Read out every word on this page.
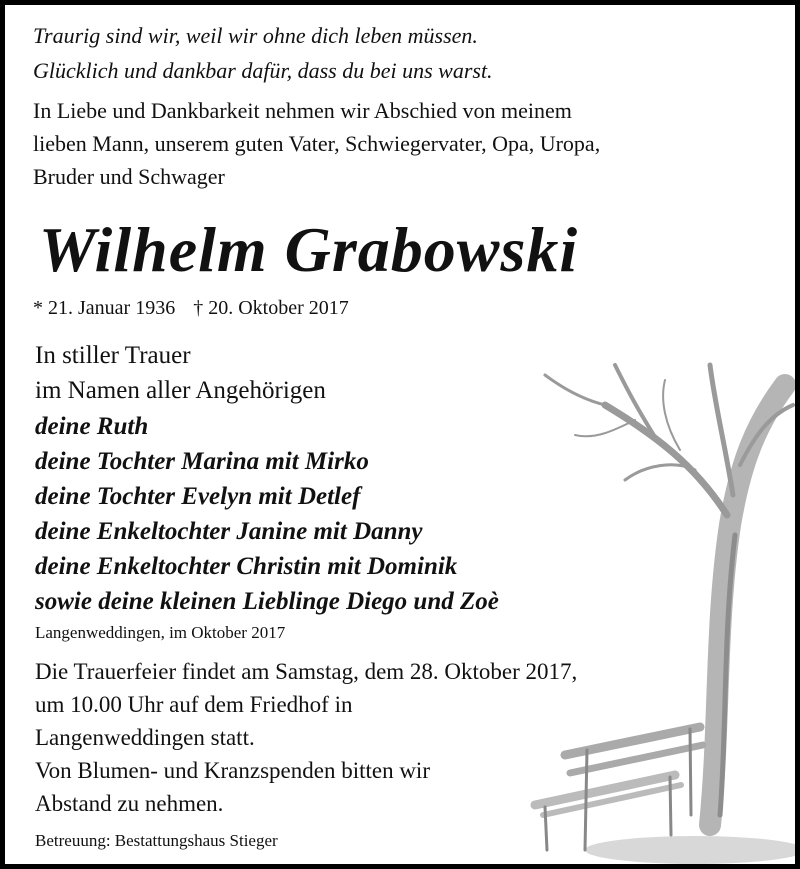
Traurig sind wir, weil wir ohne dich leben müssen.
Glücklich und dankbar dafür, dass du bei uns warst.
In Liebe und Dankbarkeit nehmen wir Abschied von meinem
lieben Mann, unserem guten Vater, Schwiegervater, Opa, Uropa,
Bruder und Schwager
Wilhelm Grabowski
* 21. Januar 1936 † 20. Oktober 2017
In stiller Trauer
im Namen aller Angehörigen
deine Ruth
deine Tochter Marina mit Mirko
deine Tochter Evelyn mit Detlef
deine Enkeltochter Janine mit Danny
deine Enkeltochter Christin mit Dominik
sowie deine kleinen Lieblinge Diego und Zoè
Langenweddingen, im Oktober 2017
Die Trauerfeier findet am Samstag, dem 28. Oktober 2017,
um 10.00 Uhr auf dem Friedhof in
Langenweddingen statt.
Von Blumen- und Kranzspenden bitten wir
Abstand zu nehmen.
Betreuung: Bestattungshaus Stieger
